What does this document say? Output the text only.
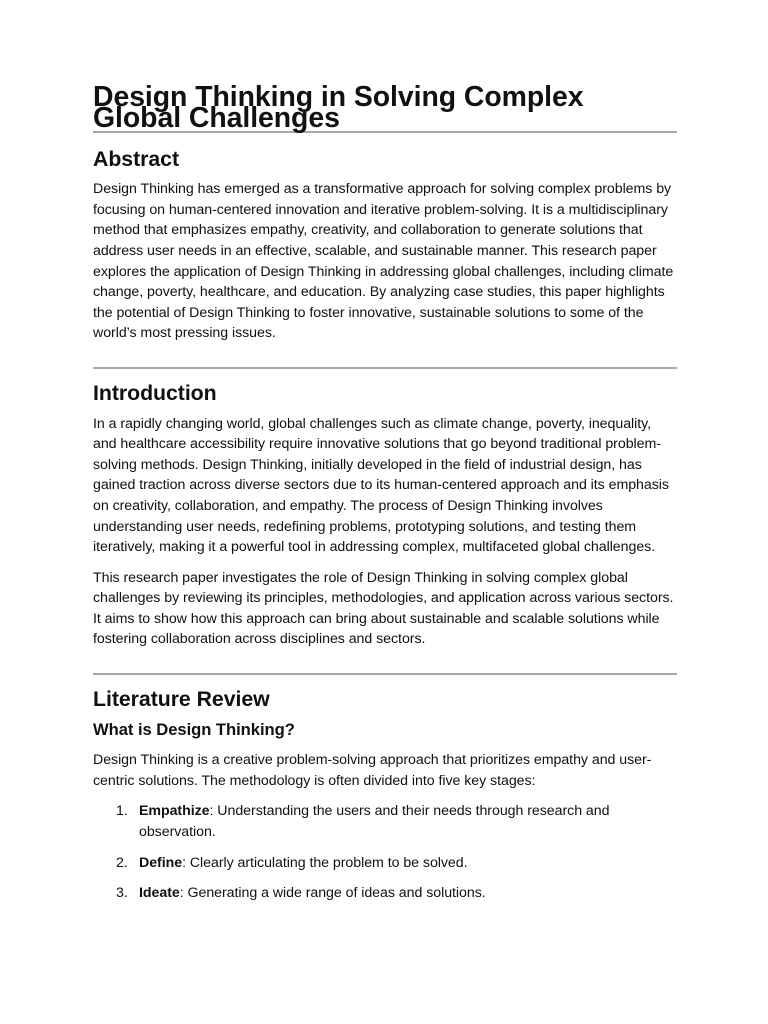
Design Thinking in Solving Complex Global Challenges
Abstract

Design Thinking has emerged as a transformative approach for solving complex problems by focusing on human-centered innovation and iterative problem-solving. It is a multidisciplinary method that emphasizes empathy, creativity, and collaboration to generate solutions that address user needs in an effective, scalable, and sustainable manner. This research paper explores the application of Design Thinking in addressing global challenges, including climate change, poverty, healthcare, and education. By analyzing case studies, this paper highlights the potential of Design Thinking to foster innovative, sustainable solutions to some of the world’s most pressing issues.

Introduction

In a rapidly changing world, global challenges such as climate change, poverty, inequality, and healthcare accessibility require innovative solutions that go beyond traditional problem-solving methods. Design Thinking, initially developed in the field of industrial design, has gained traction across diverse sectors due to its human-centered approach and its emphasis on creativity, collaboration, and empathy. The process of Design Thinking involves understanding user needs, redefining problems, prototyping solutions, and testing them iteratively, making it a powerful tool in addressing complex, multifaceted global challenges.

This research paper investigates the role of Design Thinking in solving complex global challenges by reviewing its principles, methodologies, and application across various sectors. It aims to show how this approach can bring about sustainable and scalable solutions while fostering collaboration across disciplines and sectors.

Literature Review
What is Design Thinking?

Design Thinking is a creative problem-solving approach that prioritizes empathy and user-centric solutions. The methodology is often divided into five key stages:

1. Empathize: Understanding the users and their needs through research and observation.
2. Define: Clearly articulating the problem to be solved.
3. Ideate: Generating a wide range of ideas and solutions.
